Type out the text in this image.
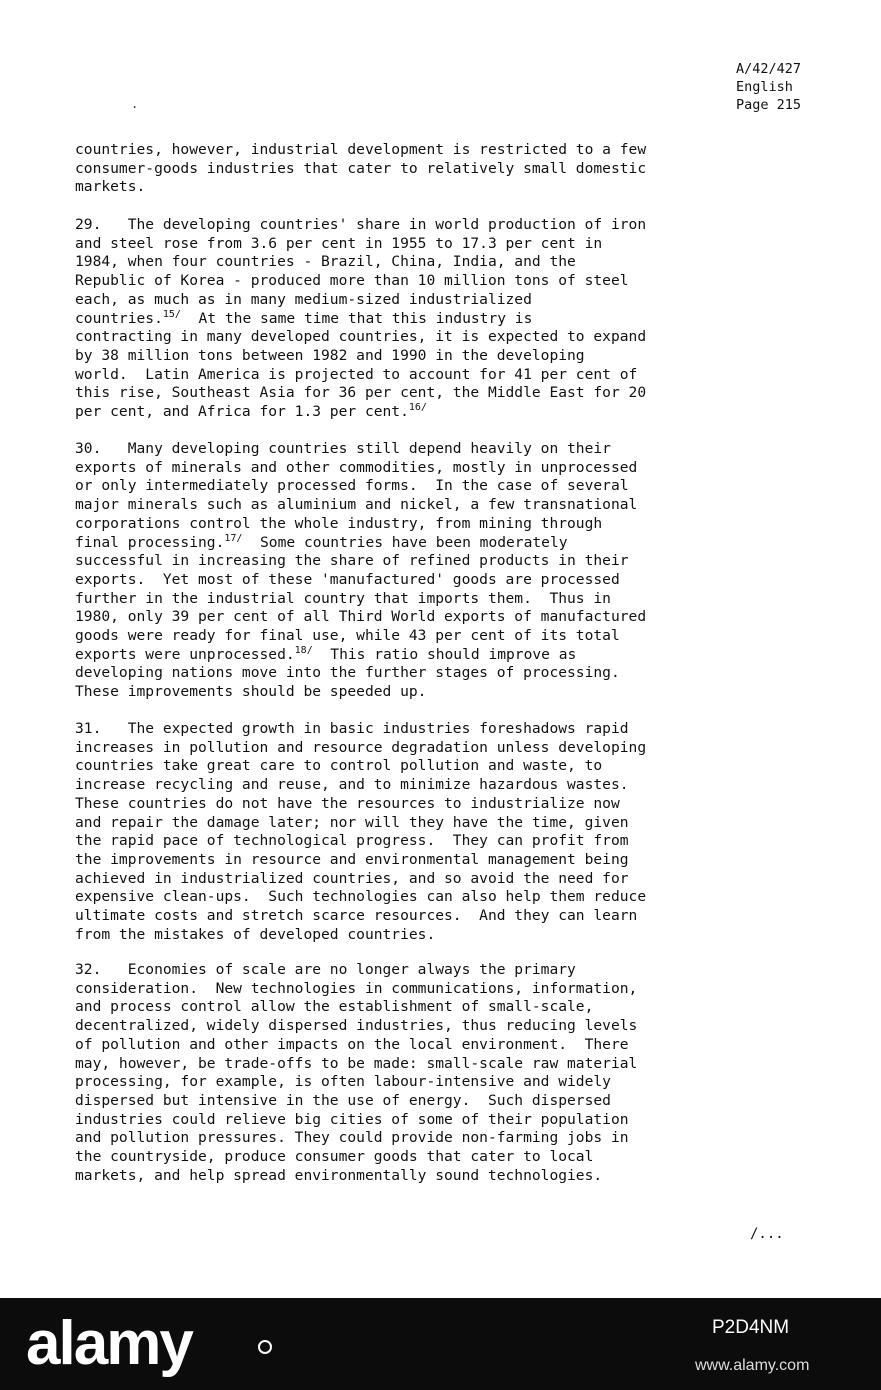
A/42/427
English
Page 215
.
countries, however, industrial development is restricted to a few
consumer-goods industries that cater to relatively small domestic
markets.
29.   The developing countries' share in world production of iron
and steel rose from 3.6 per cent in 1955 to 17.3 per cent in
1984, when four countries - Brazil, China, India, and the
Republic of Korea - produced more than 10 million tons of steel
each, as much as in many medium-sized industrialized
countries.$^{15/}$  At the same time that this industry is
contracting in many developed countries, it is expected to expand
by 38 million tons between 1982 and 1990 in the developing
world.  Latin America is projected to account for 41 per cent of
this rise, Southeast Asia for 36 per cent, the Middle East for 20
per cent, and Africa for 1.3 per cent.$^{16/}$
30.   Many developing countries still depend heavily on their
exports of minerals and other commodities, mostly in unprocessed
or only intermediately processed forms.  In the case of several
major minerals such as aluminium and nickel, a few transnational
corporations control the whole industry, from mining through
final processing.$^{17/}$  Some countries have been moderately
successful in increasing the share of refined products in their
exports.  Yet most of these 'manufactured' goods are processed
further in the industrial country that imports them.  Thus in
1980, only 39 per cent of all Third World exports of manufactured
goods were ready for final use, while 43 per cent of its total
exports were unprocessed.$^{18/}$  This ratio should improve as
developing nations move into the further stages of processing.
These improvements should be speeded up.
31.   The expected growth in basic industries foreshadows rapid
increases in pollution and resource degradation unless developing
countries take great care to control pollution and waste, to
increase recycling and reuse, and to minimize hazardous wastes.
These countries do not have the resources to industrialize now
and repair the damage later; nor will they have the time, given
the rapid pace of technological progress.  They can profit from
the improvements in resource and environmental management being
achieved in industrialized countries, and so avoid the need for
expensive clean-ups.  Such technologies can also help them reduce
ultimate costs and stretch scarce resources.  And they can learn
from the mistakes of developed countries.
32.   Economies of scale are no longer always the primary
consideration.  New technologies in communications, information,
and process control allow the establishment of small-scale,
decentralized, widely dispersed industries, thus reducing levels
of pollution and other impacts on the local environment.  There
may, however, be trade-offs to be made: small-scale raw material
processing, for example, is often labour-intensive and widely
dispersed but intensive in the use of energy.  Such dispersed
industries could relieve big cities of some of their population
and pollution pressures. They could provide non-farming jobs in
the countryside, produce consumer goods that cater to local
markets, and help spread environmentally sound technologies.
/...
alamy	P2D4NM
www.alamy.com
